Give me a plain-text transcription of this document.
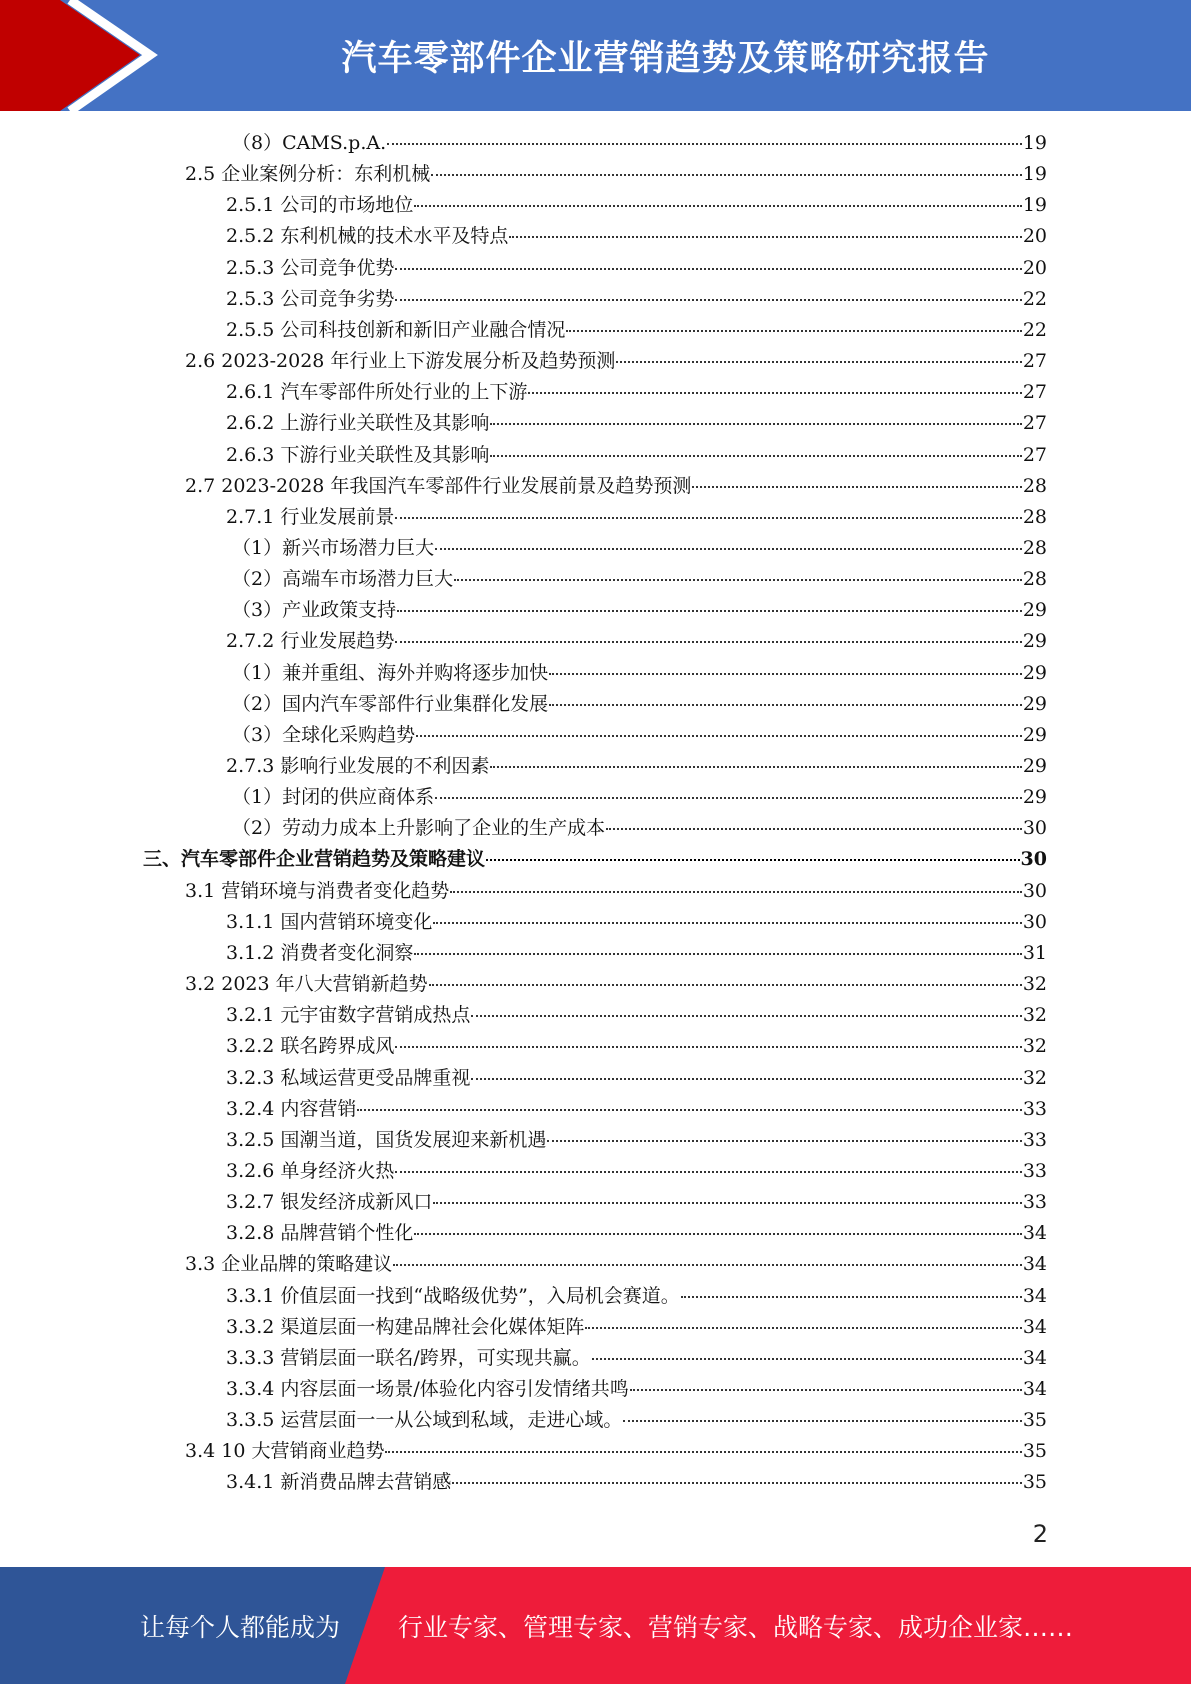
汽车零部件企业营销趋势及策略研究报告
（8）CAMS.p.A.	19
2.5 企业案例分析：东利机械	19
2.5.1 公司的市场地位	19
2.5.2 东利机械的技术水平及特点	20
2.5.3 公司竞争优势	20
2.5.3 公司竞争劣势	22
2.5.5 公司科技创新和新旧产业融合情况	22
2.6 2023-2028 年行业上下游发展分析及趋势预测	27
2.6.1 汽车零部件所处行业的上下游	27
2.6.2 上游行业关联性及其影响	27
2.6.3 下游行业关联性及其影响	27
2.7 2023-2028 年我国汽车零部件行业发展前景及趋势预测	28
2.7.1 行业发展前景	28
（1）新兴市场潜力巨大	28
（2）高端车市场潜力巨大	28
（3）产业政策支持	29
2.7.2 行业发展趋势	29
（1）兼并重组、海外并购将逐步加快	29
（2）国内汽车零部件行业集群化发展	29
（3）全球化采购趋势	29
2.7.3 影响行业发展的不利因素	29
（1）封闭的供应商体系	29
（2）劳动力成本上升影响了企业的生产成本	30
三、汽车零部件企业营销趋势及策略建议	30
3.1 营销环境与消费者变化趋势	30
3.1.1 国内营销环境变化	30
3.1.2 消费者变化洞察	31
3.2 2023 年八大营销新趋势	32
3.2.1 元宇宙数字营销成热点	32
3.2.2 联名跨界成风	32
3.2.3 私域运营更受品牌重视	32
3.2.4 内容营销	33
3.2.5 国潮当道，国货发展迎来新机遇	33
3.2.6 单身经济火热	33
3.2.7 银发经济成新风口	33
3.2.8 品牌营销个性化	34
3.3 企业品牌的策略建议	34
3.3.1 价值层面一找到“战略级优势”，入局机会赛道。	34
3.3.2 渠道层面一构建品牌社会化媒体矩阵	34
3.3.3 营销层面一联名/跨界，可实现共赢。	34
3.3.4 内容层面一场景/体验化内容引发情绪共鸣	34
3.3.5 运营层面一一从公域到私域，走进心域。	35
3.4 10 大营销商业趋势	35
3.4.1 新消费品牌去营销感	35
2
让每个人都能成为 行业专家、管理专家、营销专家、战略专家、成功企业家……
